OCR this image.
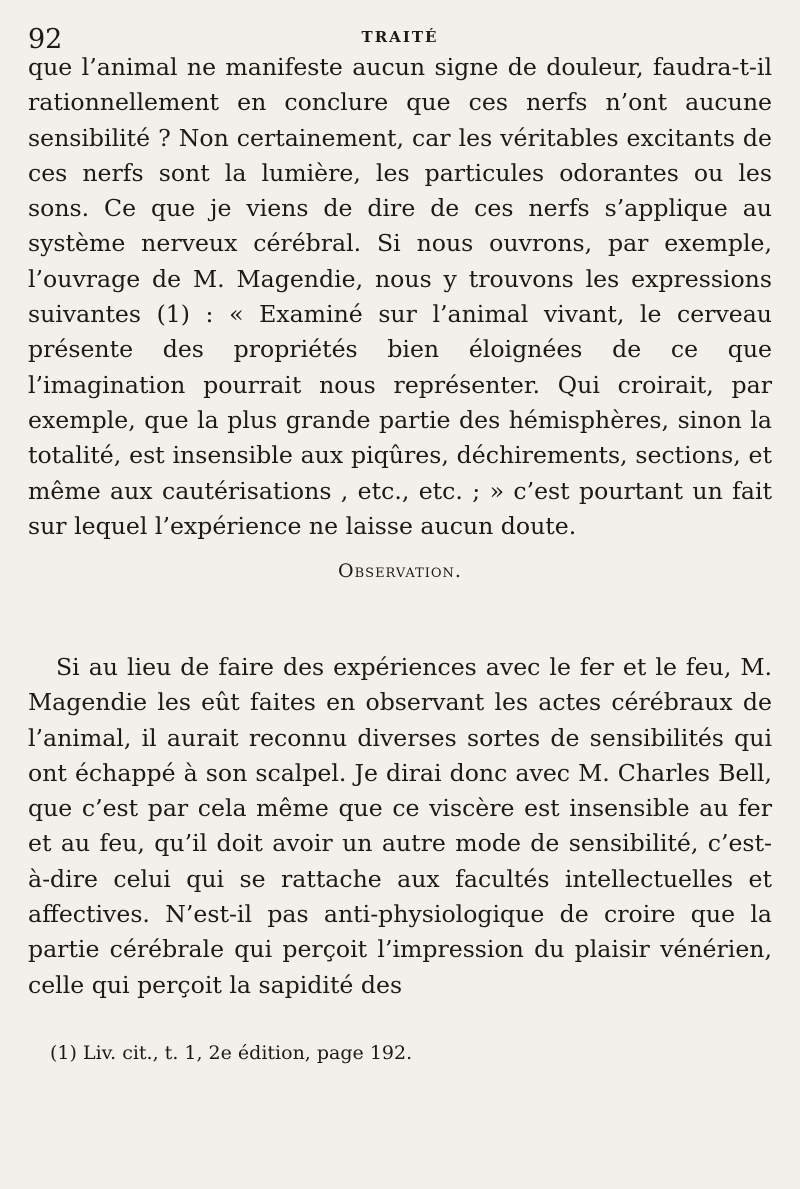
92	TRAITÉ

que l’animal ne manifeste aucun signe de douleur, faudra-t-il rationnellement en conclure que ces nerfs n’ont aucune sensibilité ? Non certainement, car les véritables excitants de ces nerfs sont la lumière, les particules odorantes ou les sons. Ce que je viens de dire de ces nerfs s’applique au système nerveux cérébral. Si nous ouvrons, par exemple, l’ouvrage de M. Magendie, nous y trouvons les expressions suivantes (1) : « Examiné sur l’animal vivant, le cerveau présente des propriétés bien éloignées de ce que l’imagination pourrait nous représenter. Qui croirait, par exemple, que la plus grande partie des hémisphères, sinon la totalité, est insensible aux piqûres, déchirements, sections, et même aux cautérisations , etc., etc. ; » c’est pourtant un fait sur lequel l’expérience ne laisse aucun doute.

Observation.

Si au lieu de faire des expériences avec le fer et le feu, M. Magendie les eût faites en observant les actes cérébraux de l’animal, il aurait reconnu diverses sortes de sensibilités qui ont échappé à son scalpel. Je dirai donc avec M. Charles Bell, que c’est par cela même que ce viscère est insensible au fer et au feu, qu’il doit avoir un autre mode de sensibilité, c’est-à-dire celui qui se rattache aux facultés intellectuelles et affectives. N’est-il pas anti-physiologique de croire que la partie cérébrale qui perçoit l’impression du plaisir vénérien, celle qui perçoit la sapidité des

(1) Liv. cit., t. 1, 2e édition, page 192.
